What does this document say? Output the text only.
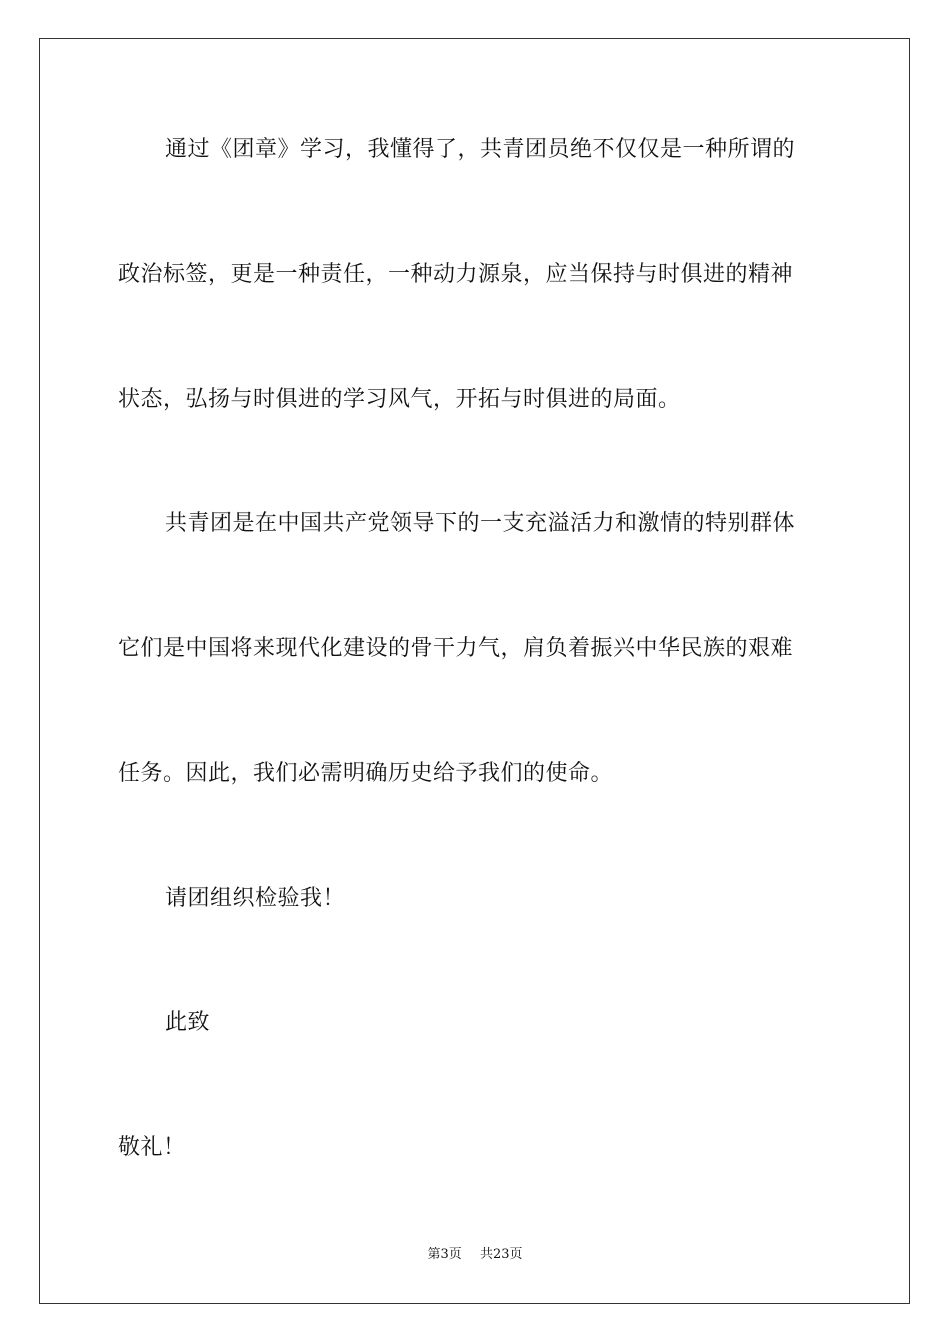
通过《团章》学习，我懂得了，共青团员绝不仅仅是一种所谓的
政治标签，更是一种责任，一种动力源泉，应当保持与时俱进的精神
状态，弘扬与时俱进的学习风气，开拓与时俱进的局面。
共青团是在中国共产党领导下的一支充溢活力和激情的特别群体
它们是中国将来现代化建设的骨干力气，肩负着振兴中华民族的艰难
任务。因此，我们必需明确历史给予我们的使命。
请团组织检验我！
此致
敬礼！
第3页 共23页
